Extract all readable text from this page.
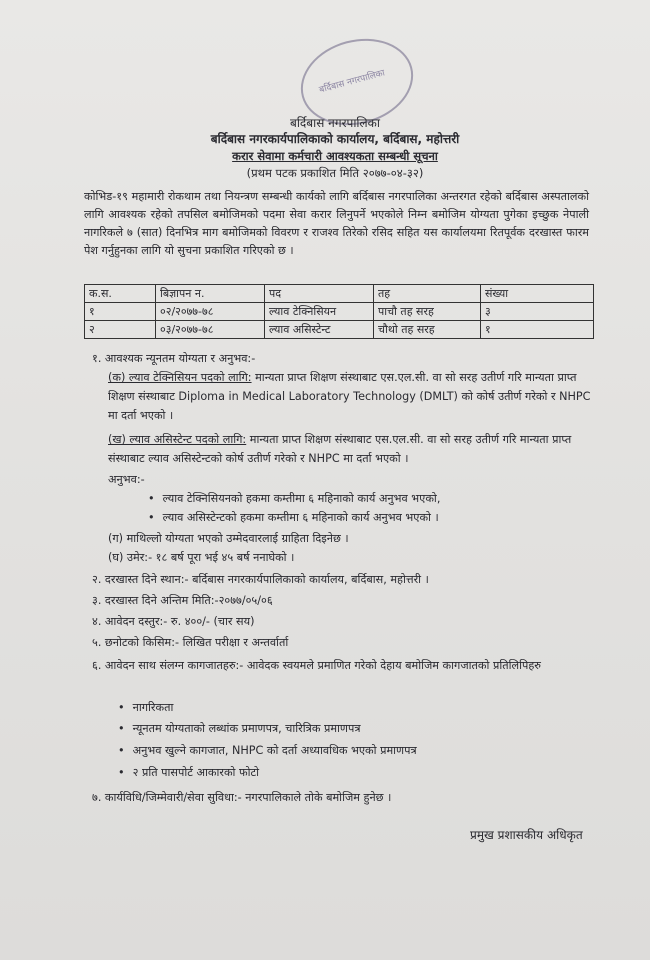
बर्दिबास नगरपालिका
बर्दिबास नगरपालिका
बर्दिबास नगरकार्यपालिकाको कार्यालय, बर्दिबास, महोत्तरी
करार सेवामा कर्मचारी आवश्यकता सम्बन्धी सूचना
(प्रथम पटक प्रकाशित मिति २०७७-०४-३२)
कोभिड-१९ महामारी रोकथाम तथा नियन्त्रण सम्बन्धी कार्यको लागि बर्दिबास नगरपालिका अन्तरगत रहेको बर्दिबास अस्पतालको लागि आवश्यक रहेको तपसिल बमोजिमको पदमा सेवा करार लिनुपर्ने भएकोले निम्न बमोजिम योग्यता पुगेका इच्छुक नेपाली नागरिकले ७ (सात) दिनभित्र माग बमोजिमको विवरण र राजश्व तिरेको रसिद सहित यस कार्यालयमा रितपूर्वक दरखास्त फारम पेश गर्नुहुनका लागि यो सुचना प्रकाशित गरिएको छ ।
क.स.	बिज्ञापन न.	पद	तह	संख्या
१	०२/२०७७-७८	ल्याव टेक्निसियन	पाचौ तह सरह	३
२	०३/२०७७-७८	ल्याव असिस्टेन्ट	चौथो तह सरह	१
१. आवश्यक न्यूनतम योग्यता र अनुभव:-
(क) ल्याव टेक्निसियन पदको लागि: मान्यता प्राप्त शिक्षण संस्थाबाट एस.एल.सी. वा सो सरह उतीर्ण गरि मान्यता प्राप्त शिक्षण संस्थाबाट Diploma in Medical Laboratory Technology (DMLT) को कोर्ष उतीर्ण गरेको र NHPC मा दर्ता भएको ।
(ख) ल्याव असिस्टेन्ट पदको लागि: मान्यता प्राप्त शिक्षण संस्थाबाट एस.एल.सी. वा सो सरह उतीर्ण गरि मान्यता प्राप्त संस्थाबाट ल्याव असिस्टेन्टको कोर्ष उतीर्ण गरेको र NHPC मा दर्ता भएको ।
अनुभव:-
• ल्याव टेक्निसियनको हकमा कम्तीमा ६ महिनाको कार्य अनुभव भएको,
• ल्याव असिस्टेन्टको हकमा कम्तीमा ६ महिनाको कार्य अनुभव भएको ।
(ग) माथिल्लो योग्यता भएको उम्मेदवारलाई ग्राहिता दिइनेछ ।
(घ) उमेर:- १८ बर्ष पूरा भई ४५ बर्ष ननाघेको ।
२. दरखास्त दिने स्थान:- बर्दिबास नगरकार्यपालिकाको कार्यालय, बर्दिबास, महोत्तरी ।
३. दरखास्त दिने अन्तिम मिति:-२०७७/०५/०६
४. आवेदन दस्तुर:- रु. ४००/- (चार सय)
५. छनोटको किसिम:- लिखित परीक्षा र अन्तर्वार्ता
६. आवेदन साथ संलग्न कागजातहरु:- आवेदक स्वयमले प्रमाणित गरेको देहाय बमोजिम कागजातको प्रतिलिपिहरु
• नागरिकता
• न्यूनतम योग्यताको लब्धांक प्रमाणपत्र, चारित्रिक प्रमाणपत्र
• अनुभव खुल्ने कागजात, NHPC को दर्ता अध्यावधिक भएको प्रमाणपत्र
• २ प्रति पासपोर्ट आकारको फोटो
७. कार्यविधि/जिम्मेवारी/सेवा सुविधा:- नगरपालिकाले तोके बमोजिम हुनेछ ।
प्रमुख प्रशासकीय अधिकृत
